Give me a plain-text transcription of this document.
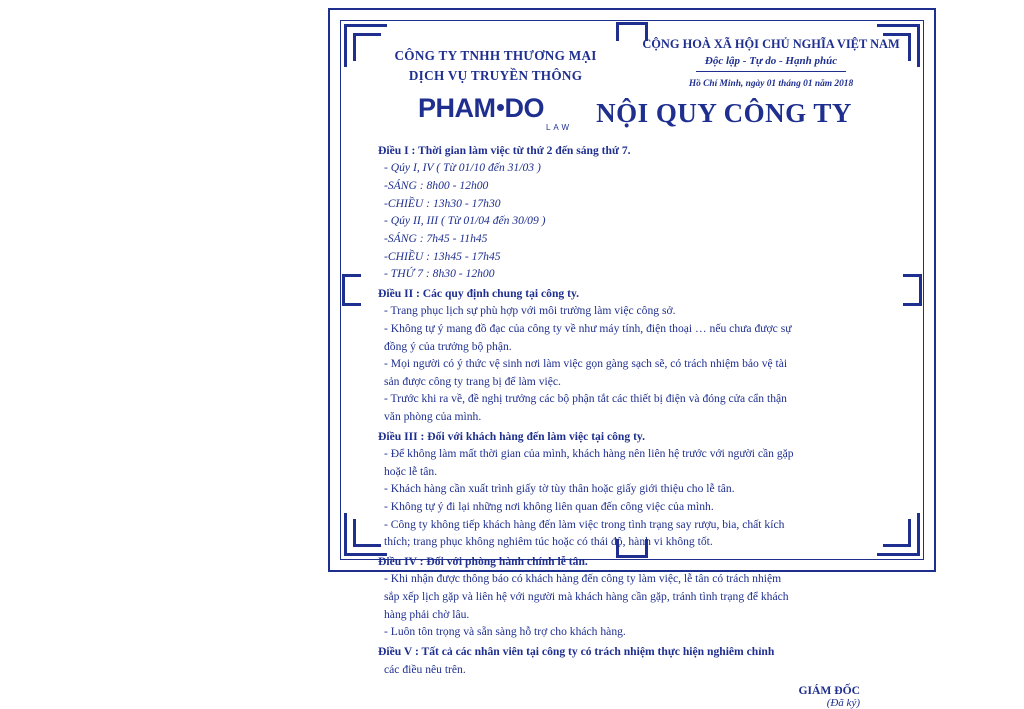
CÔNG TY TNHH THƯƠNG MẠI
DỊCH VỤ TRUYỀN THÔNG
CỘNG HOÀ XÃ HỘI CHỦ NGHĨA VIỆT NAM
Độc lập - Tự do - Hạnh phúc
Hồ Chí Minh, ngày 01 tháng 01 năm 2018
PHAM DO
LAW NỘI QUY CÔNG TY
Điều I : Thời gian làm việc từ thứ 2 đến sáng thứ 7.
- Qúy I, IV ( Từ 01/10 đến 31/03 )
-SÁNG : 8h00 - 12h00
-CHIỀU : 13h30 - 17h30
- Qúy II, III ( Từ 01/04 đến 30/09 )
-SÁNG : 7h45 - 11h45
-CHIỀU : 13h45 - 17h45
- THỨ 7 : 8h30 - 12h00
Điều II : Các quy định chung tại công ty.
- Trang phục lịch sự phù hợp với môi trường làm việc công sở.
- Không tự ý mang đồ đạc của công ty về như máy tính, điện thoại … nếu chưa được sự
đồng ý của trưởng bộ phận.
- Mọi người có ý thức vệ sinh nơi làm việc gọn gàng sạch sẽ, có trách nhiệm bảo vệ tài
sản được công ty trang bị để làm việc.
- Trước khi ra về, đề nghị trưởng các bộ phận tắt các thiết bị điện và đóng cửa cẩn thận
văn phòng của mình.
Điều III : Đối với khách hàng đến làm việc tại công ty.
- Để không làm mất thời gian của mình, khách hàng nên liên hệ trước với người cần gặp
hoặc lễ tân.
- Khách hàng cần xuất trình giấy tờ tùy thân hoặc giấy giới thiệu cho lễ tân.
- Không tự ý đi lại những nơi không liên quan đến công việc của mình.
- Công ty không tiếp khách hàng đến làm việc trong tình trạng say rượu, bia, chất kích
thích; trang phục không nghiêm túc hoặc có thái độ, hành vi không tốt.
Điều IV : Đối với phòng hành chính lễ tân.
- Khi nhận được thông báo có khách hàng đến công ty làm việc, lễ tân có trách nhiệm
sắp xếp lịch gặp và liên hệ với người mà khách hàng cần gặp, tránh tình trạng để khách
hàng phải chờ lâu.
- Luôn tôn trọng và sẵn sàng hỗ trợ cho khách hàng.
Điều V : Tất cả các nhân viên tại công ty có trách nhiệm thực hiện nghiêm chỉnh
các điều nêu trên.
GIÁM ĐỐC
(Đã ký)
